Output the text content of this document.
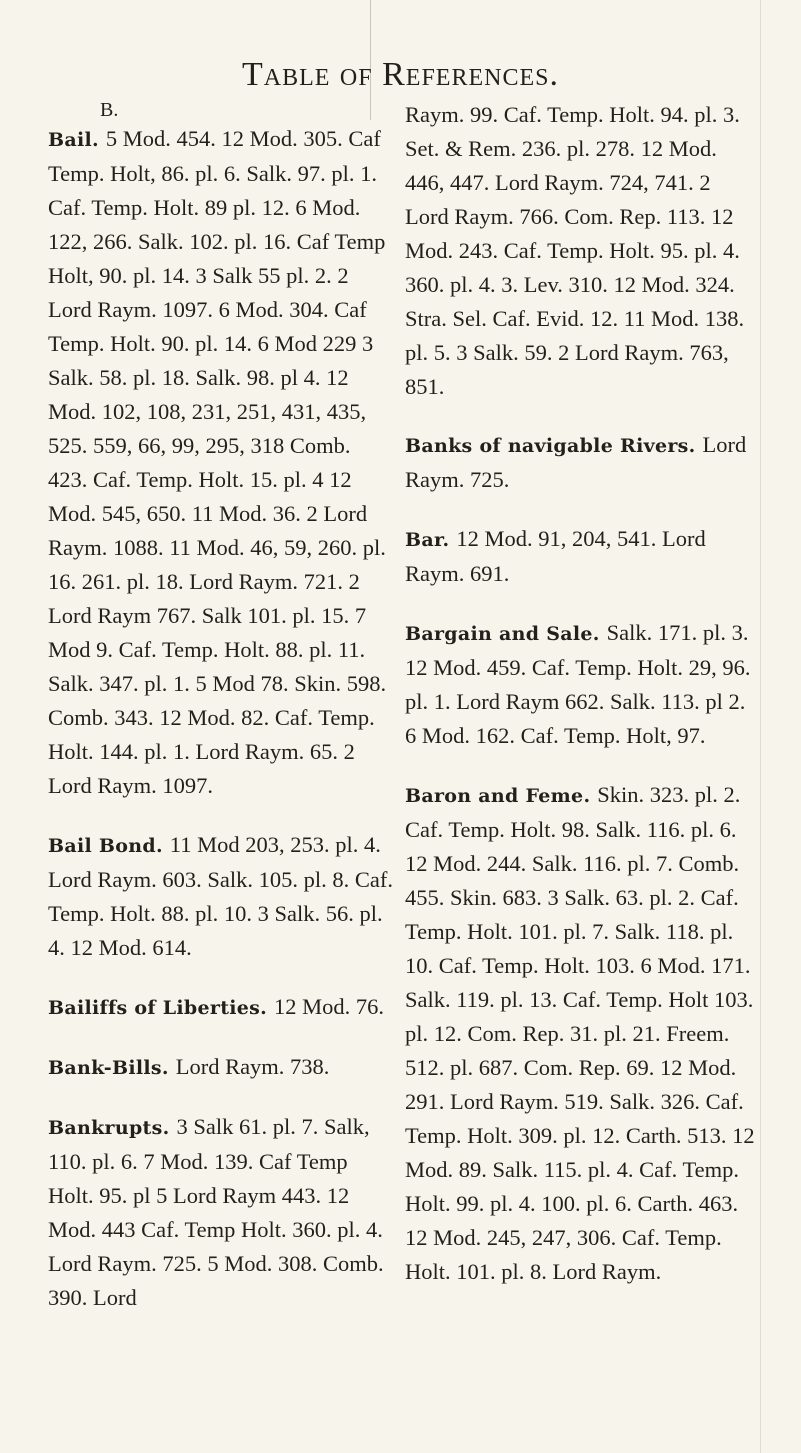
Table of References.
B.

Bail. 5 Mod. 454. 12 Mod. 305. Caf Temp. Holt, 86. pl. 6. Salk. 97. pl. 1. Caf. Temp. Holt. 89 pl. 12. 6 Mod. 122, 266. Salk. 102. pl. 16. Caf Temp Holt, 90. pl. 14. 3 Salk 55 pl. 2. 2 Lord Raym. 1097. 6 Mod. 304. Caf Temp. Holt. 90. pl. 14. 6 Mod 229 3 Salk. 58. pl. 18. Salk. 98. pl 4. 12 Mod. 102, 108, 231, 251, 431, 435, 525. 559, 66, 99, 295, 318 Comb. 423. Caf. Temp. Holt. 15. pl. 4 12 Mod. 545, 650. 11 Mod. 36. 2 Lord Raym. 1088. 11 Mod. 46, 59, 260. pl. 16. 261. pl. 18. Lord Raym. 721. 2 Lord Raym 767. Salk 101. pl. 15. 7 Mod 9. Caf. Temp. Holt. 88. pl. 11. Salk. 347. pl. 1. 5 Mod 78. Skin. 598. Comb. 343. 12 Mod. 82. Caf. Temp. Holt. 144. pl. 1. Lord Raym. 65. 2 Lord Raym. 1097.

Bail Bond. 11 Mod 203, 253. pl. 4. Lord Raym. 603. Salk. 105. pl. 8. Caf. Temp. Holt. 88. pl. 10. 3 Salk. 56. pl. 4. 12 Mod. 614.

Bailiffs of Liberties. 12 Mod. 76.

Bank-Bills. Lord Raym. 738.

Bankrupts. 3 Salk 61. pl. 7. Salk, 110. pl. 6. 7 Mod. 139. Caf Temp Holt. 95. pl 5 Lord Raym 443. 12 Mod. 443 Caf. Temp Holt. 360. pl. 4. Lord Raym. 725. 5 Mod. 308. Comb. 390. Lord

Raym. 99. Caf. Temp. Holt. 94. pl. 3. Set. & Rem. 236. pl. 278. 12 Mod. 446, 447. Lord Raym. 724, 741. 2 Lord Raym. 766. Com. Rep. 113. 12 Mod. 243. Caf. Temp. Holt. 95. pl. 4. 360. pl. 4. 3. Lev. 310. 12 Mod. 324. Stra. Sel. Caf. Evid. 12. 11 Mod. 138. pl. 5. 3 Salk. 59. 2 Lord Raym. 763, 851.

Banks of navigable Rivers. Lord Raym. 725.

Bar. 12 Mod. 91, 204, 541. Lord Raym. 691.

Bargain and Sale. Salk. 171. pl. 3. 12 Mod. 459. Caf. Temp. Holt. 29, 96. pl. 1. Lord Raym 662. Salk. 113. pl 2. 6 Mod. 162. Caf. Temp. Holt, 97.

Baron and Feme. Skin. 323. pl. 2. Caf. Temp. Holt. 98. Salk. 116. pl. 6. 12 Mod. 244. Salk. 116. pl. 7. Comb. 455. Skin. 683. 3 Salk. 63. pl. 2. Caf. Temp. Holt. 101. pl. 7. Salk. 118. pl. 10. Caf. Temp. Holt. 103. 6 Mod. 171. Salk. 119. pl. 13. Caf. Temp. Holt 103. pl. 12. Com. Rep. 31. pl. 21. Freem. 512. pl. 687. Com. Rep. 69. 12 Mod. 291. Lord Raym. 519. Salk. 326. Caf. Temp. Holt. 309. pl. 12. Carth. 513. 12 Mod. 89. Salk. 115. pl. 4. Caf. Temp. Holt. 99. pl. 4. 100. pl. 6. Carth. 463. 12 Mod. 245, 247, 306. Caf. Temp. Holt. 101. pl. 8. Lord Raym.
